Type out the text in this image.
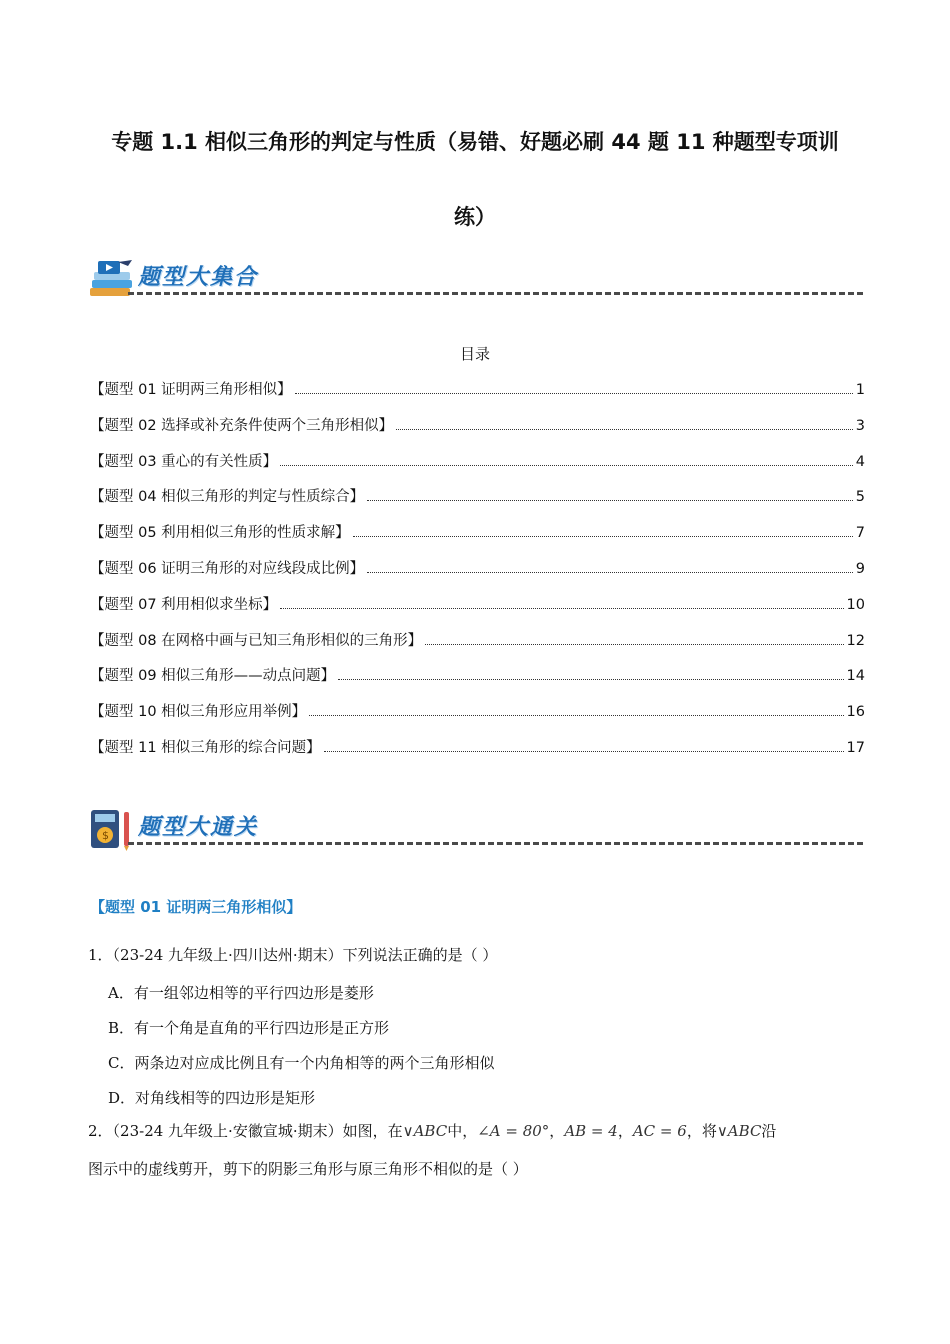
专题 1.1 相似三角形的判定与性质（易错、好题必刷 44 题 11 种题型专项训
练）
题型大集合
目录
【题型 01 证明两三角形相似】	1
【题型 02 选择或补充条件使两个三角形相似】	3
【题型 03 重心的有关性质】	4
【题型 04 相似三角形的判定与性质综合】	5
【题型 05 利用相似三角形的性质求解】	7
【题型 06 证明三角形的对应线段成比例】	9
【题型 07 利用相似求坐标】	10
【题型 08 在网格中画与已知三角形相似的三角形】	12
【题型 09 相似三角形——动点问题】	14
【题型 10 相似三角形应用举例】	16
【题型 11 相似三角形的综合问题】	17
$ 题型大通关
【题型 01 证明两三角形相似】
1．（23-24 九年级上·四川达州·期末）下列说法正确的是（ ）
A．有一组邻边相等的平行四边形是菱形
B．有一个角是直角的平行四边形是正方形
C．两条边对应成比例且有一个内角相等的两个三角形相似
D．对角线相等的四边形是矩形
2．（23-24 九年级上·安徽宣城·期末）如图，在∨ABC中，∠A = 80°，AB = 4，AC = 6，将∨ABC沿
图示中的虚线剪开，剪下的阴影三角形与原三角形不相似的是（ ）
